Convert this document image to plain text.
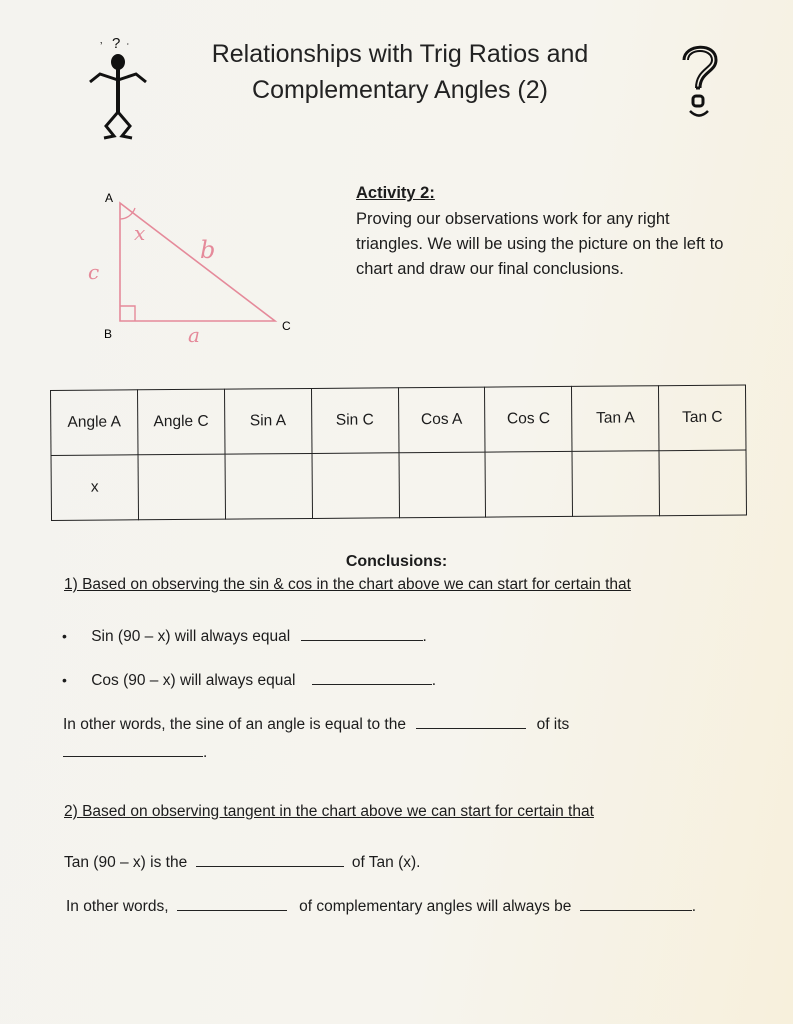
ʼ ? ʾ	Relationships with Trig Ratios and
Complementary Angles (2)
A
B
C
x
b
c
a
Activity 2:
Proving our observations work for any right triangles. We will be using the picture on the left to chart and draw our final conclusions.
Angle A	Angle C	Sin A	Sin C	Cos A	Cos C	Tan A	Tan C
x							
Conclusions:
1) Based on observing the sin & cos in the chart above we can start for certain that
• Sin (90 – x) will always equal	.
• Cos (90 – x) will always equal	.
In other words, the sine of an angle is equal to the	of its
.
2) Based on observing tangent in the chart above we can start for certain that
Tan (90 – x) is the	of Tan (x).
In other words,	of complementary angles will always be	.
